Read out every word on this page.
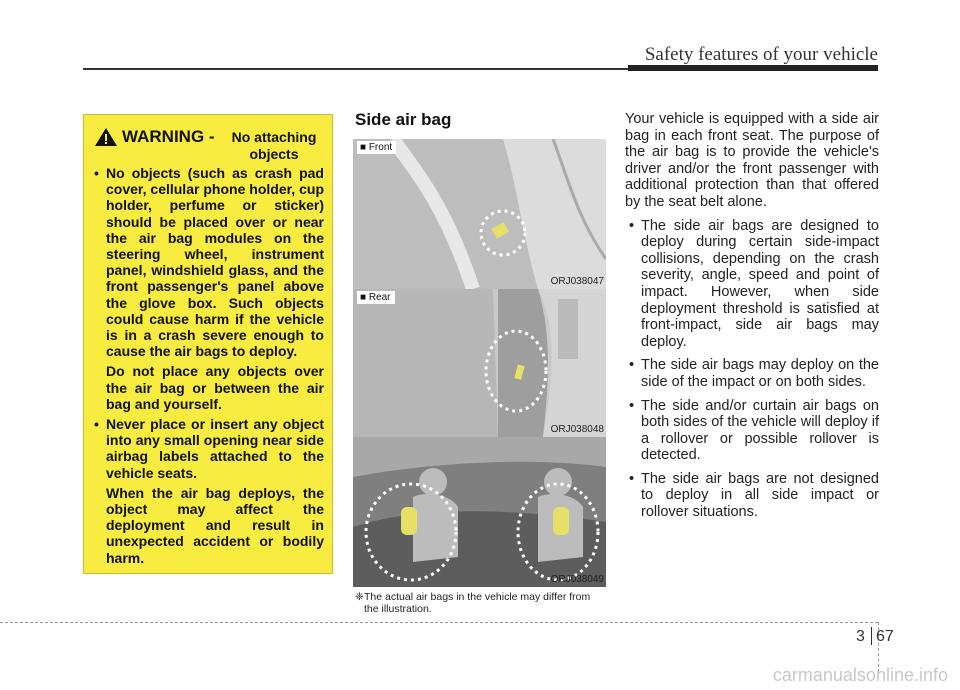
Safety features of your vehicle
WARNING -	No attaching objects
• No objects (such as crash pad cover, cellular phone holder, cup holder, perfume or sticker) should be placed over or near the air bag modules on the steering wheel, instrument panel, windshield glass, and the front passenger's panel above the glove box. Such objects could cause harm if the vehicle is in a crash severe enough to cause the air bags to deploy.
Do not place any objects over the air bag or between the air bag and yourself.
• Never place or insert any object into any small opening near side airbag labels attached to the vehicle seats.
When the air bag deploys, the object may affect the deployment and result in unexpected accident or bodily harm.
Side air bag
■ Front
ORJ038047
■ Rear
ORJ038048
ORJ038049
❈ The actual air bags in the vehicle may differ from the illustration.
Your vehicle is equipped with a side air bag in each front seat. The purpose of the air bag is to provide the vehicle's driver and/or the front passenger with additional protection than that offered by the seat belt alone.
• The side air bags are designed to deploy during certain side-impact collisions, depending on the crash severity, angle, speed and point of impact. However, when side deployment threshold is satisfied at front-impact, side air bags may deploy.
• The side air bags may deploy on the side of the impact or on both sides.
• The side and/or curtain air bags on both sides of the vehicle will deploy if a rollover or possible rollover is detected.
• The side air bags are not designed to deploy in all side impact or rollover situations.
3 67
carmanualsonline.info
